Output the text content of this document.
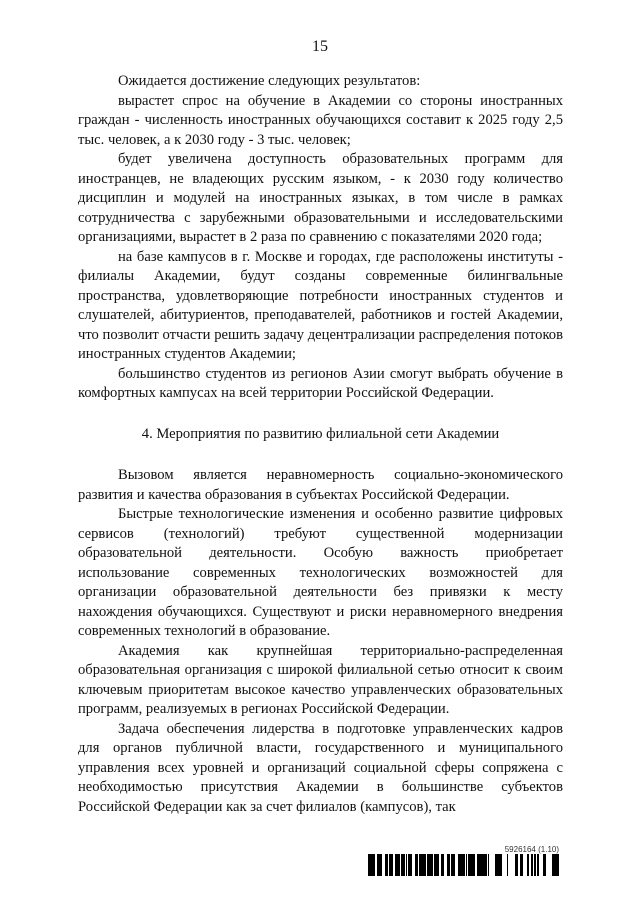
15

Ожидается достижение следующих результатов:

вырастет спрос на обучение в Академии со стороны иностранных граждан - численность иностранных обучающихся составит к 2025 году 2,5 тыс. человек, а к 2030 году - 3 тыс. человек;

будет увеличена доступность образовательных программ для иностранцев, не владеющих русским языком, - к 2030 году количество дисциплин и модулей на иностранных языках, в том числе в рамках сотрудничества с зарубежными образовательными и исследовательскими организациями, вырастет в 2 раза по сравнению с показателями 2020 года;

на базе кампусов в г. Москве и городах, где расположены институты - филиалы Академии, будут созданы современные билингвальные пространства, удовлетворяющие потребности иностранных студентов и слушателей, абитуриентов, преподавателей, работников и гостей Академии, что позволит отчасти решить задачу децентрализации распределения потоков иностранных студентов Академии;

большинство студентов из регионов Азии смогут выбрать обучение в комфортных кампусах на всей территории Российской Федерации.

4. Мероприятия по развитию филиальной сети Академии

Вызовом является неравномерность социально-экономического развития и качества образования в субъектах Российской Федерации.

Быстрые технологические изменения и особенно развитие цифровых сервисов (технологий) требуют существенной модернизации образовательной деятельности. Особую важность приобретает использование современных технологических возможностей для организации образовательной деятельности без привязки к месту нахождения обучающихся. Существуют и риски неравномерного внедрения современных технологий в образование.

Академия как крупнейшая территориально-распределенная образовательная организация с широкой филиальной сетью относит к своим ключевым приоритетам высокое качество управленческих образовательных программ, реализуемых в регионах Российской Федерации.

Задача обеспечения лидерства в подготовке управленческих кадров для органов публичной власти, государственного и муниципального управления всех уровней и организаций социальной сферы сопряжена с необходимостью присутствия Академии в большинстве субъектов Российской Федерации как за счет филиалов (кампусов), так

5926164 (1.10)
